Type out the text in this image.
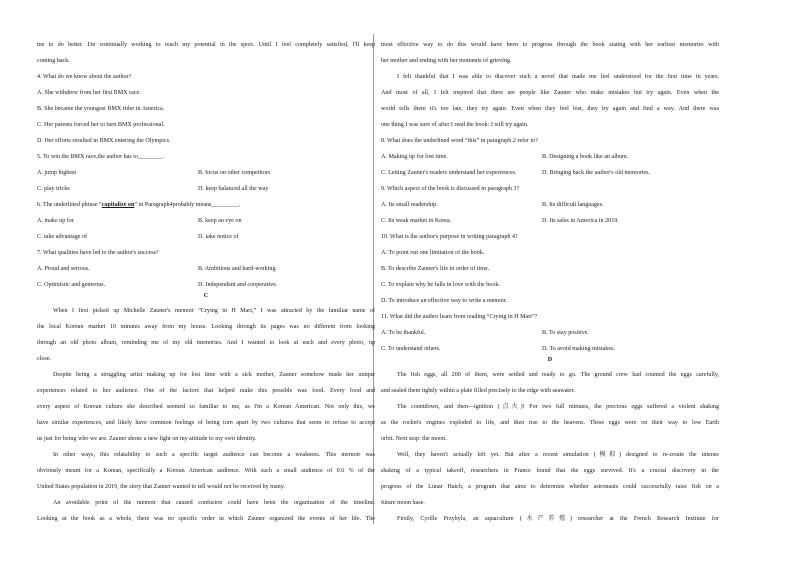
me to do better. I'm continually working to reach my potential in the sport. Until I feel completely satisfied, I'll keep
coming back.
4. What do we know about the author?
A. She withdrew from her first BMX race.
B. She became the youngest BMX rider in America.
C. Her parents forced her to turn BMX professional.
D. Her efforts resulted in BMX entering the Olympics.
5. To win the BMX race,the author has to________.
A. jump highest	B. focus on other competitors
C. play tricks	D. keep balanced all the way
6. The underlined phrase “capitalize on” in Paragraph4probably means_________.
A. make up for	B. keep an eye on
C. take advantage of	D. take notice of
7. What qualities have led to the author's success?
A. Proud and serious.	B. Ambitious and hard-working.
C. Optimistic and generous.	D. Independent and cooperative.
C
When I first picked up Michelle Zauner's memoir “Crying in H Mart,” I was attracted by the familiar name of
the local Korean market 10 minutes away from my house. Looking through its pages was no different from looking
through an old photo album, reminding me of my old memories. And I wanted to look at each and every photo, up
close.
Despite being a struggling artist making up for lost time with a sick mother, Zauner somehow made her unique
experiences related to her audience. One of the factors that helped make this possible was food. Every food and
every aspect of Korean culture she described seemed so familiar to me, as I'm a Korean American. Not only this, we
have similar experiences, and likely have common feelings of being torn apart by two cultures that seem to refuse to accept
us just for being who we are. Zauner shone a new light on my attitude to my own identity.
In other ways, this relatability to such a specific target audience can become a weakness. This memoir was
obviously meant for a Korean, specifically a Korean American audience. With such a small audience of 0.6 % of the
United States population in 2019, the story that Zauner wanted to tell would not be received by many.
An avoidable point of the memoir that caused confusion could have been the organization of the timeline.
Looking at the book as a whole, there was no specific order in which Zauner organized the events of her life. The
most effective way to do this would have been to progress through the book stating with her earliest memories with
her mother and ending with her moments of grieving.
I felt thankful that I was able to discover such a novel that made me feel understood for the first time in years.
And most of all, I felt inspired that there are people like Zauner who make mistakes but try again. Even when the
world tells them it's too late, they try again. Even when they feel lost, they try again and find a way. And there was
one thing I was sure of after I read the book: I will try again.
8. What does the underlined word “this” in paragraph 2 refer to?
A. Making up for lost time.	B. Designing a book like an album.
C. Letting Zauner's readers understand her experiences.	D. Bringing back the author's old memories.
9. Which aspect of the book is discussed in paragraph 3?
A. Its small readership.	B. Its difficult languages.
C. Its weak market in Korea.	D. Its sales in America in 2019.
10. What is the author's purpose in writing paragraph 4?
A. To point out one limitation of the book.
B. To describe Zauner's life in order of time.
C. To explain why he falls in love with the book.
D. To introduce an effective way to write a memoir.
11. What did the author learn from reading “Crying in H Mart”?
A. To be thankful.	B. To stay positive.
C. To understand others.	D. To avoid making mistakes.
D
The fish eggs, all 200 of them, were settled and ready to go. The ground crew had counted the eggs carefully,
and sealed them tightly within a plate filled precisely to the edge with seawater.
The countdown, and then—ignition (点火)! For two full minutes, the precious eggs suffered a violent shaking
as the rocket's engines exploded to life, and then rise to the heavens. These eggs were on their way to low Earth
orbit. Next stop: the moon.
Well, they haven't actually left yet. But after a recent simulation (模拟) designed to re-create the intense
shaking of a typical takeoff, researchers in France found that the eggs survived. It's a crucial discovery in the
progress of the Lunar Hatch, a program that aims to determine whether astronauts could successfully raise fish on a
future moon base.
Firstly, Cyrille Przybyla, an aquaculture (水产养殖) researcher at the French Research Institute for
